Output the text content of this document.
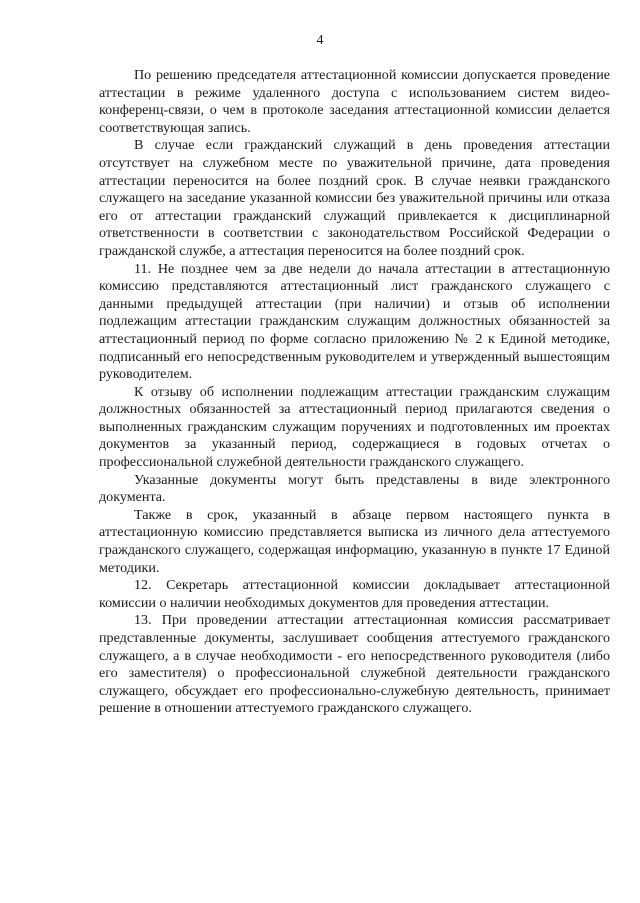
4

По решению председателя аттестационной комиссии допускается проведение аттестации в режиме удаленного доступа с использованием систем видео-конференц-связи, о чем в протоколе заседания аттестационной комиссии делается соответствующая запись.

В случае если гражданский служащий в день проведения аттестации отсутствует на служебном месте по уважительной причине, дата проведения аттестации переносится на более поздний срок. В случае неявки гражданского служащего на заседание указанной комиссии без уважительной причины или отказа его от аттестации гражданский служащий привлекается к дисциплинарной ответственности в соответствии с законодательством Российской Федерации о гражданской службе, а аттестация переносится на более поздний срок.

11. Не позднее чем за две недели до начала аттестации в аттестационную комиссию представляются аттестационный лист гражданского служащего с данными предыдущей аттестации (при наличии) и отзыв об исполнении подлежащим аттестации гражданским служащим должностных обязанностей за аттестационный период по форме согласно приложению № 2 к Единой методике, подписанный его непосредственным руководителем и утвержденный вышестоящим руководителем.

К отзыву об исполнении подлежащим аттестации гражданским служащим должностных обязанностей за аттестационный период прилагаются сведения о выполненных гражданским служащим поручениях и подготовленных им проектах документов за указанный период, содержащиеся в годовых отчетах о профессиональной служебной деятельности гражданского служащего.

Указанные документы могут быть представлены в виде электронного документа.

Также в срок, указанный в абзаце первом настоящего пункта в аттестационную комиссию представляется выписка из личного дела аттестуемого гражданского служащего, содержащая информацию, указанную в пункте 17 Единой методики.

12. Секретарь аттестационной комиссии докладывает аттестационной комиссии о наличии необходимых документов для проведения аттестации.

13. При проведении аттестации аттестационная комиссия рассматривает представленные документы, заслушивает сообщения аттестуемого гражданского служащего, а в случае необходимости - его непосредственного руководителя (либо его заместителя) о профессиональной служебной деятельности гражданского служащего, обсуждает его профессионально-служебную деятельность, принимает решение в отношении аттестуемого гражданского служащего.
